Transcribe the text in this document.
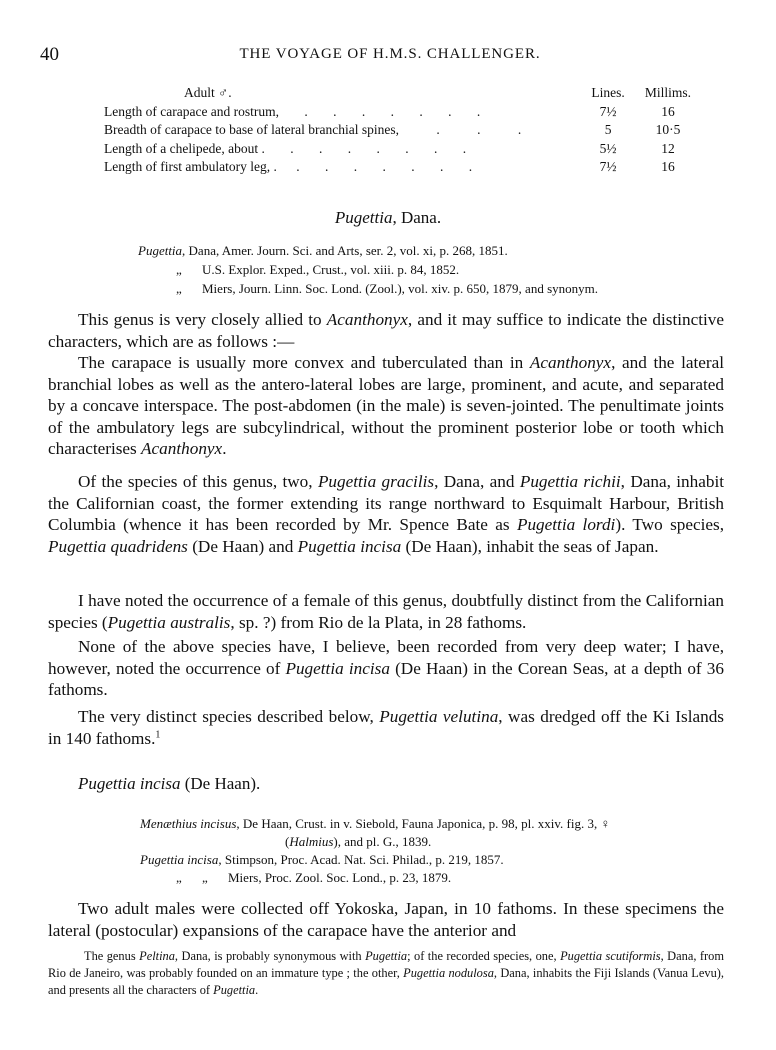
40	THE VOYAGE OF H.M.S. CHALLENGER.
Adult ♂.	Lines.	Millims.
Length of carapace and rostrum, . . . . . . .	7½	16
Breadth of carapace to base of lateral branchial spines, . . .	5	10·5
Length of a chelipede, about . . . . . . . .	5½	12
Length of first ambulatory leg, . . . . . . . .	7½	16
Pugettia, Dana.
Pugettia, Dana, Amer. Journ. Sci. and Arts, ser. 2, vol. xi, p. 268, 1851.
„ U.S. Explor. Exped., Crust., vol. xiii. p. 84, 1852.
„ Miers, Journ. Linn. Soc. Lond. (Zool.), vol. xiv. p. 650, 1879, and synonym.
This genus is very closely allied to Acanthonyx, and it may suffice to indicate the distinctive characters, which are as follows :—
The carapace is usually more convex and tuberculated than in Acanthonyx, and the lateral branchial lobes as well as the antero-lateral lobes are large, prominent, and acute, and separated by a concave interspace. The post-abdomen (in the male) is seven-jointed. The penultimate joints of the ambulatory legs are subcylindrical, without the prominent posterior lobe or tooth which characterises Acanthonyx.
Of the species of this genus, two, Pugettia gracilis, Dana, and Pugettia richii, Dana, inhabit the Californian coast, the former extending its range northward to Esquimalt Harbour, British Columbia (whence it has been recorded by Mr. Spence Bate as Pugettia lordi). Two species, Pugettia quadridens (De Haan) and Pugettia incisa (De Haan), inhabit the seas of Japan.
I have noted the occurrence of a female of this genus, doubtfully distinct from the Californian species (Pugettia australis, sp. ?) from Rio de la Plata, in 28 fathoms.
None of the above species have, I believe, been recorded from very deep water; I have, however, noted the occurrence of Pugettia incisa (De Haan) in the Corean Seas, at a depth of 36 fathoms.
The very distinct species described below, Pugettia velutina, was dredged off the Ki Islands in 140 fathoms.$^1$
Pugettia incisa (De Haan).
Menæthius incisus, De Haan, Crust. in v. Siebold, Fauna Japonica, p. 98, pl. xxiv. fig. 3, ♀
(Halmius), and pl. G., 1839.
Pugettia incisa, Stimpson, Proc. Acad. Nat. Sci. Philad., p. 219, 1857.
„ „ Miers, Proc. Zool. Soc. Lond., p. 23, 1879.
Two adult males were collected off Yokoska, Japan, in 10 fathoms. In these specimens the lateral (postocular) expansions of the carapace have the anterior and
The genus Peltina, Dana, is probably synonymous with Pugettia; of the recorded species, one, Pugettia scutiformis, Dana, from Rio de Janeiro, was probably founded on an immature type ; the other, Pugettia nodulosa, Dana, inhabits the Fiji Islands (Vanua Levu), and presents all the characters of Pugettia.
